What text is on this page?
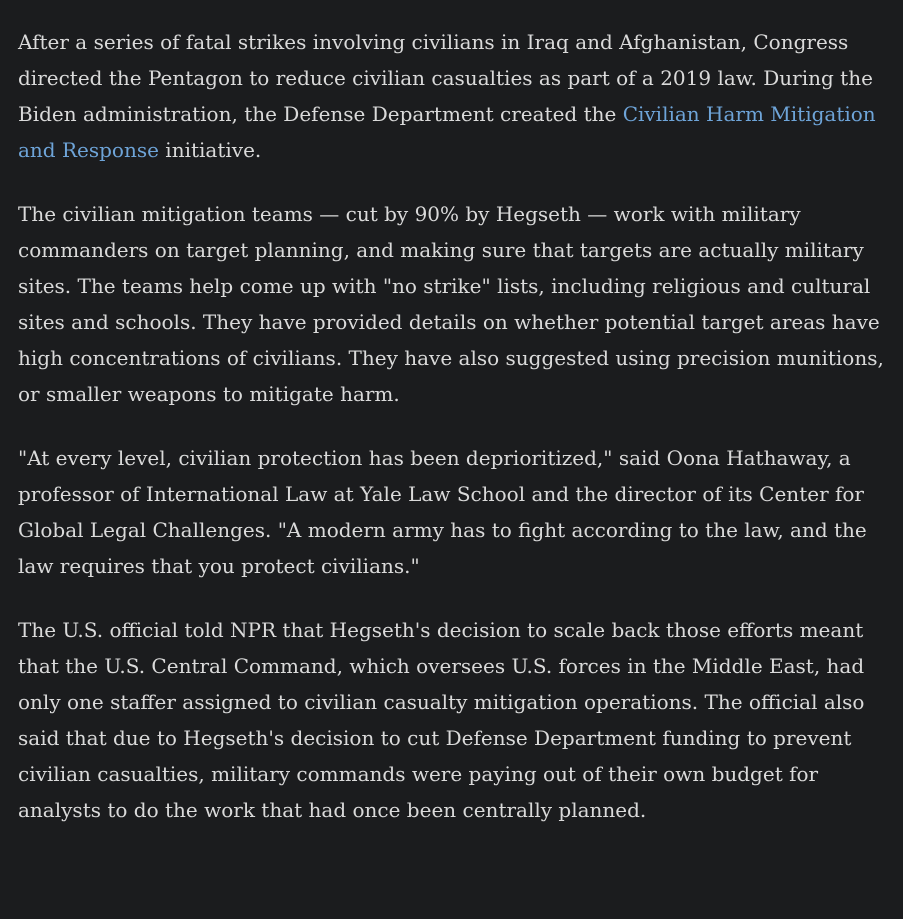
After a series of fatal strikes involving civilians in Iraq and Afghanistan, Congress directed the Pentagon to reduce civilian casualties as part of a 2019 law. During the Biden administration, the Defense Department created the Civilian Harm Mitigation and Response initiative.

The civilian mitigation teams — cut by 90% by Hegseth — work with military commanders on target planning, and making sure that targets are actually military sites. The teams help come up with "no strike" lists, including religious and cultural sites and schools. They have provided details on whether potential target areas have high concentrations of civilians. They have also suggested using precision munitions, or smaller weapons to mitigate harm.

"At every level, civilian protection has been deprioritized," said Oona Hathaway, a professor of International Law at Yale Law School and the director of its Center for Global Legal Challenges. "A modern army has to fight according to the law, and the law requires that you protect civilians."

The U.S. official told NPR that Hegseth's decision to scale back those efforts meant that the U.S. Central Command, which oversees U.S. forces in the Middle East, had only one staffer assigned to civilian casualty mitigation operations. The official also said that due to Hegseth's decision to cut Defense Department funding to prevent civilian casualties, military commands were paying out of their own budget for analysts to do the work that had once been centrally planned.
